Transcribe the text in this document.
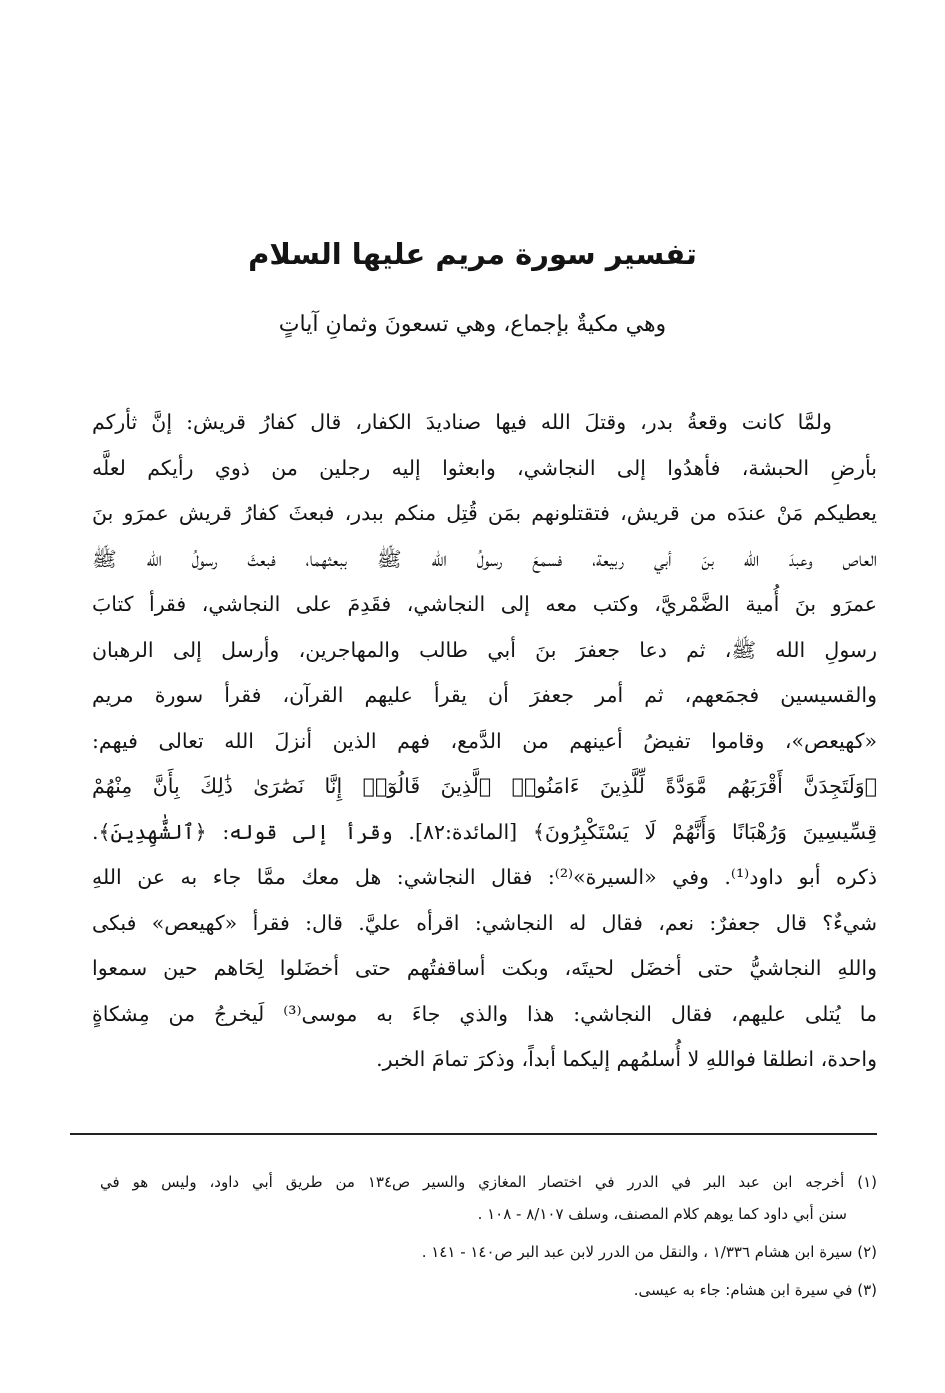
تفسير سورة مريم عليها السلام

وهي مكيةٌ بإجماع، وهي تسعونَ وثمانِ آياتٍ

ولمَّا كانت وقعةُ بدر، وقتلَ الله فيها صناديدَ الكفار، قال كفارُ قريش: إنَّ ثأركم
بأرضِ الحبشة، فأهدُوا إلى النجاشي، وابعثوا إليه رجلين من ذوي رأيكم لعلَّه
يعطيكم مَنْ عندَه من قريش، فتقتلونهم بمَن قُتِل منكم ببدر، فبعثَ كفارُ قريش عمرَو بنَ
العاص وعبدَ الله بنَ أبي ربيعة، فسمعَ رسولُ الله ﷺ ببعثهما، فبعثَ رسولُ الله ﷺ
عمرَو بنَ أُمية الضَّمْريَّ، وكتب معه إلى النجاشي، فقَدِمَ على النجاشي، فقرأ كتابَ
رسولِ الله ﷺ، ثم دعا جعفرَ بنَ أبي طالب والمهاجرين، وأرسل إلى الرهبان
والقسيسين فجمَعهم، ثم أمر جعفرَ أن يقرأ عليهم القرآن، فقرأ سورة مريم
«كهيعص»، وقاموا تفيضُ أعينهم من الدَّمع، فهم الذين أنزلَ الله تعالى فيهم:
﴿وَلَتَجِدَنَّ أَقْرَبَهُم مَّوَدَّةً لِّلَّذِينَ ءَامَنُوا۟ ٱلَّذِينَ قَالُوٓا۟ إِنَّا نَصَٰرَىٰ ذَٰلِكَ بِأَنَّ مِنْهُمْ
قِسِّيسِينَ وَرُهْبَانًا وَأَنَّهُمْ لَا يَسْتَكْبِرُونَ﴾ [المائدة:٨٢]. وقرأ إلى قوله: ﴿ٱلشَّٰهِدِينَ﴾.
ذكره أبو داود⁽¹⁾. وفي «السيرة»⁽²⁾: فقال النجاشي: هل معك ممَّا جاء به عن اللهِ
شيءٌ؟ قال جعفرٌ: نعم، فقال له النجاشي: اقرأه عليَّ. قال: فقرأ «كهيعص» فبكى
واللهِ النجاشيُّ حتى أخضَل لحيتَه، وبكت أساقفتُهم حتى أخضَلوا لِحَاهم حين سمعوا
ما يُتلى عليهم، فقال النجاشي: هذا والذي جاءَ به موسى⁽³⁾ لَيخرجُ من مِشكاةٍ
واحدة، انطلقا فواللهِ لا أُسلمُهم إليكما أبداً، وذكرَ تمامَ الخبر.
(١) أخرجه ابن عبد البر في الدرر في اختصار المغازي والسير ص١٣٤ من طريق أبي داود، وليس هو في
سنن أبي داود كما يوهم كلام المصنف، وسلف ٨/١٠٧ - ١٠٨ .
(٢) سيرة ابن هشام ١/٣٣٦ ، والنقل من الدرر لابن عبد البر ص١٤٠ - ١٤١ .
(٣) في سيرة ابن هشام: جاء به عيسى.
